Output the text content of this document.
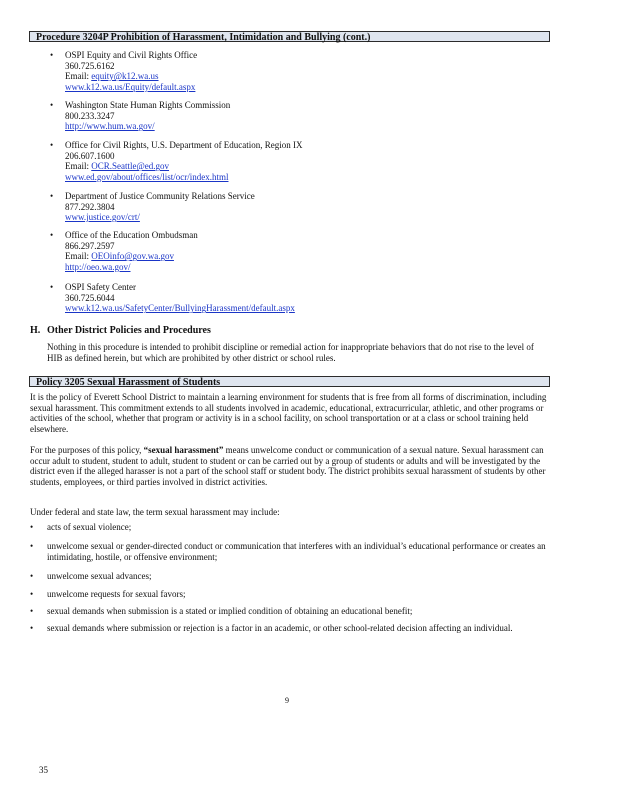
Procedure 3204P Prohibition of Harassment, Intimidation and Bullying (cont.)
• OSPI Equity and Civil Rights Office
360.725.6162
Email: equity@k12.wa.us
www.k12.wa.us/Equity/default.aspx
• Washington State Human Rights Commission
800.233.3247
http://www.hum.wa.gov/
• Office for Civil Rights, U.S. Department of Education, Region IX
206.607.1600
Email: OCR.Seattle@ed.gov
www.ed.gov/about/offices/list/ocr/index.html
• Department of Justice Community Relations Service
877.292.3804
www.justice.gov/crt/
• Office of the Education Ombudsman
866.297.2597
Email: OEOinfo@gov.wa.gov
http://oeo.wa.gov/
• OSPI Safety Center
360.725.6044
www.k12.wa.us/SafetyCenter/BullyingHarassment/default.aspx
H. Other District Policies and Procedures
Nothing in this procedure is intended to prohibit discipline or remedial action for inappropriate behaviors that do not rise to the level of HIB as defined herein, but which are prohibited by other district or school rules.
Policy 3205 Sexual Harassment of Students
It is the policy of Everett School District to maintain a learning environment for students that is free from all forms of discrimination, including sexual harassment. This commitment extends to all students involved in academic, educational, extracurricular, athletic, and other programs or activities of the school, whether that program or activity is in a school facility, on school transportation or at a class or school training held elsewhere.
For the purposes of this policy, “sexual harassment” means unwelcome conduct or communication of a sexual nature. Sexual harassment can occur adult to student, student to adult, student to student or can be carried out by a group of students or adults and will be investigated by the district even if the alleged harasser is not a part of the school staff or student body. The district prohibits sexual harassment of students by other students, employees, or third parties involved in district activities.
Under federal and state law, the term sexual harassment may include:
• acts of sexual violence;
• unwelcome sexual or gender-directed conduct or communication that interferes with an individual’s educational performance or creates an intimidating, hostile, or offensive environment;
• unwelcome sexual advances;
• unwelcome requests for sexual favors;
• sexual demands when submission is a stated or implied condition of obtaining an educational benefit;
• sexual demands where submission or rejection is a factor in an academic, or other school-related decision affecting an individual.
9
35
